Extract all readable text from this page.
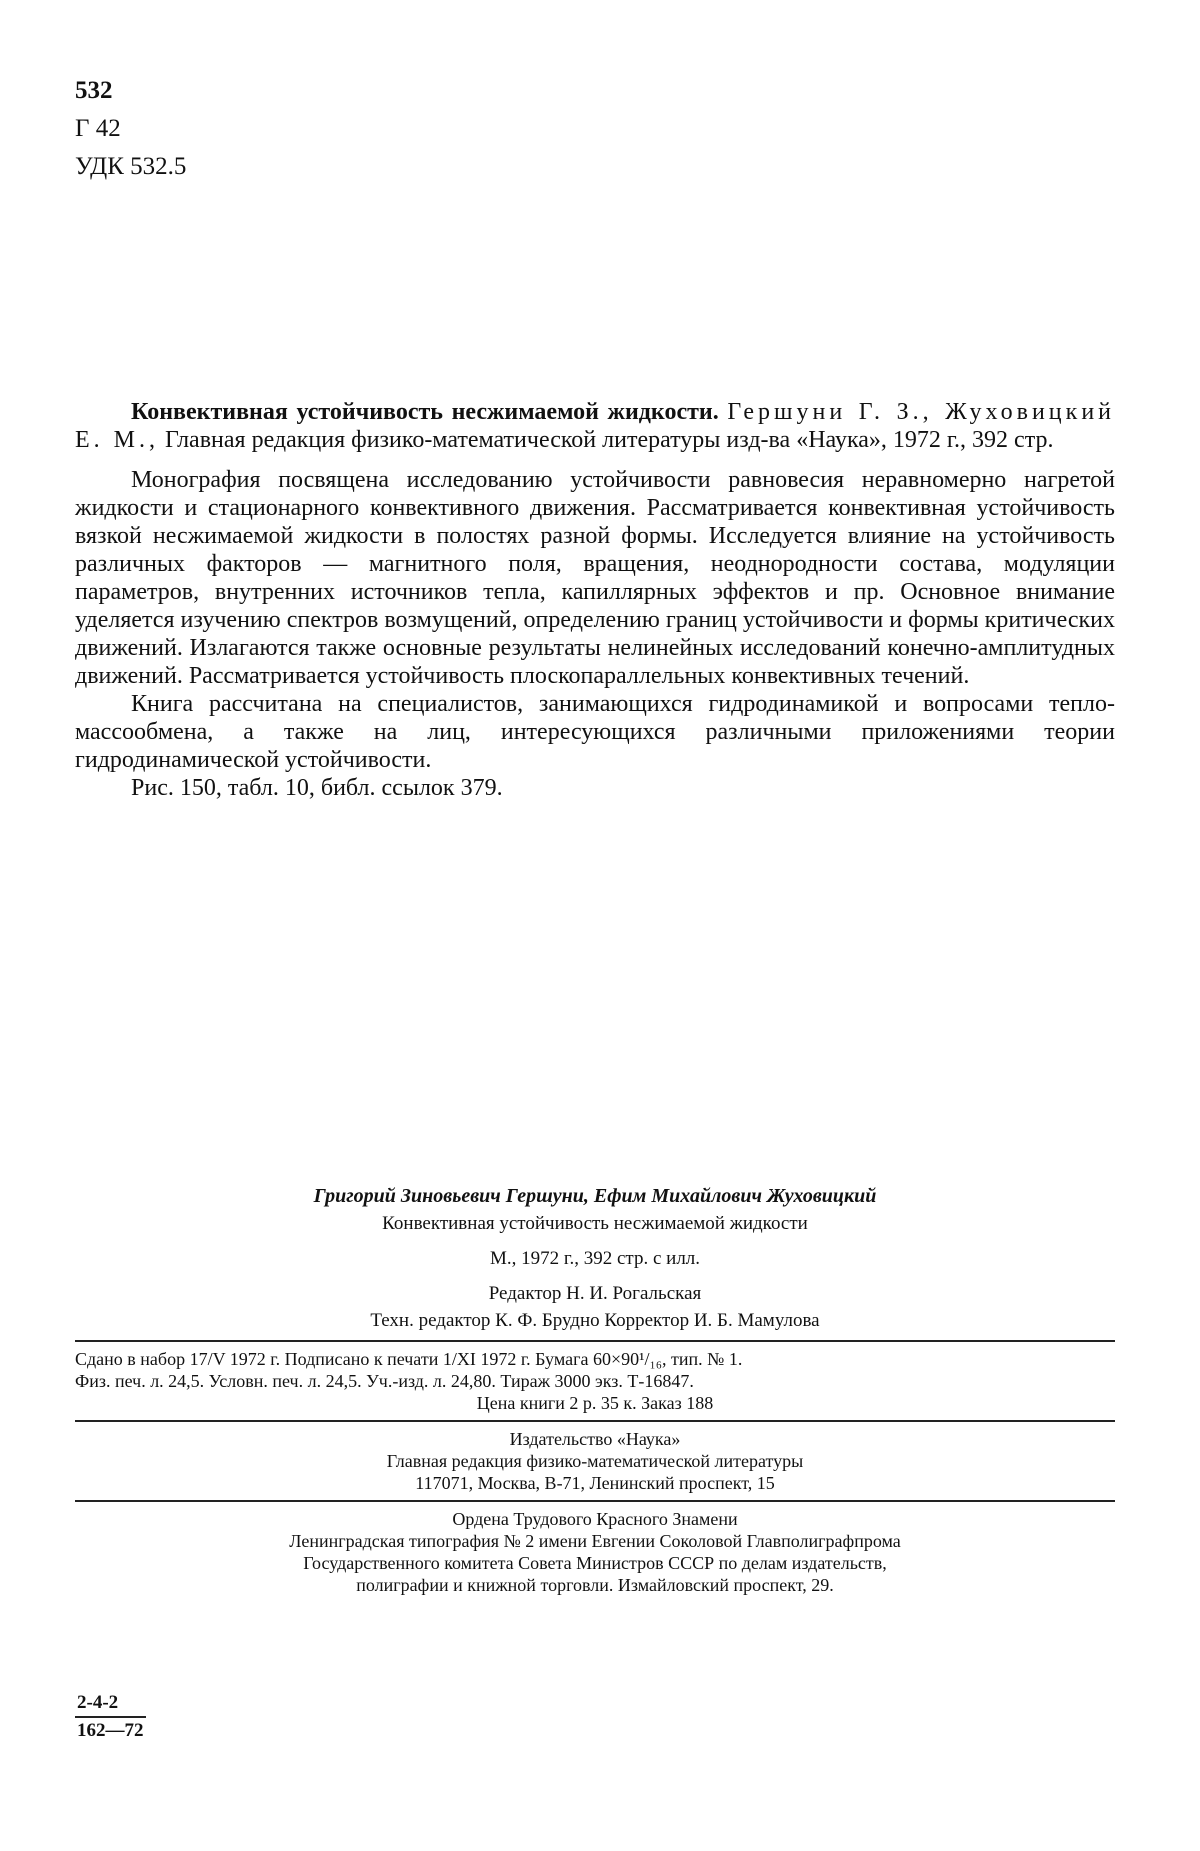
532
Г 42
УДК 532.5

Конвективная устойчивость несжимаемой жидкости. Гершуни Г. З., Жуховицкий Е. М., Главная редакция физико-математической литературы изд-ва «Наука», 1972 г., 392 стр.

Монография посвящена исследованию устойчивости равновесия неравномерно нагретой жидкости и стационарного конвективного движения. Рассматривается конвективная устойчивость вязкой несжимаемой жидкости в полостях разной формы. Исследуется влияние на устойчивость различных факторов — магнитного поля, вращения, неоднородности состава, модуляции параметров, внутренних источников тепла, капиллярных эффектов и пр. Основное внимание уделяется изучению спектров возмущений, определению границ устойчивости и формы критических движений. Излагаются также основные результаты нелинейных исследований конечно-амплитудных движений. Рассматривается устойчивость плоскопараллельных конвективных течений.

Книга рассчитана на специалистов, занимающихся гидродинамикой и вопросами тепло-массообмена, а также на лиц, интересующихся различными приложениями теории гидродинамической устойчивости.

Рис. 150, табл. 10, библ. ссылок 379.

Григорий Зиновьевич Гершуни, Ефим Михайлович Жуховицкий

Конвективная устойчивость несжимаемой жидкости

М., 1972 г., 392 стр. с илл.

Редактор Н. И. Рогальская

Техн. редактор К. Ф. Брудно Корректор И. Б. Мамулова

Сдано в набор 17/V 1972 г. Подписано к печати 1/XI 1972 г. Бумага 60×90¹/₁₆, тип. № 1.
Физ. печ. л. 24,5. Условн. печ. л. 24,5. Уч.-изд. л. 24,80. Тираж 3000 экз. Т-16847.
Цена книги 2 р. 35 к. Заказ 188
Издательство «Наука»
Главная редакция физико-математической литературы
117071, Москва, В-71, Ленинский проспект, 15
Ордена Трудового Красного Знамени
Ленинградская типография № 2 имени Евгении Соколовой Главполиграфпрома
Государственного комитета Совета Министров СССР по делам издательств,
полиграфии и книжной торговли. Измайловский проспект, 29.
2-4-2
162—72
